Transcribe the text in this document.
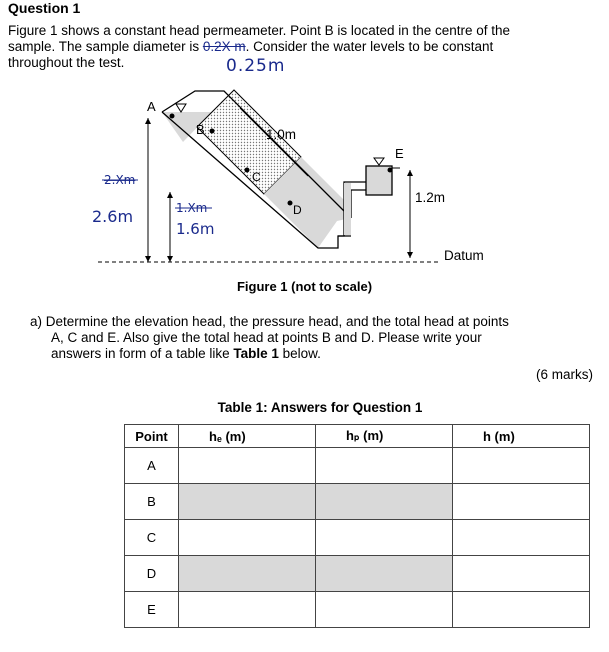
Question 1
Figure 1 shows a constant head permeameter. Point B is located in the centre of the
sample. The sample diameter is 0.2X m. Consider the water levels to be constant
throughout the test.	0.25m
A
B
C
D
E
1.0m
1.2m
Datum
2.Xm
2.6m	1.Xm
1.6m
Figure 1 (not to scale)
a) Determine the elevation head, the pressure head, and the total head at points
A, C and E. Also give the total head at points B and D. Please write your
answers in form of a table like Table 1 below.
(6 marks)
Table 1: Answers for Question 1
Point	hₑ (m)	hₚ (m)	h (m)
A			
B			
C			
D			
E			
